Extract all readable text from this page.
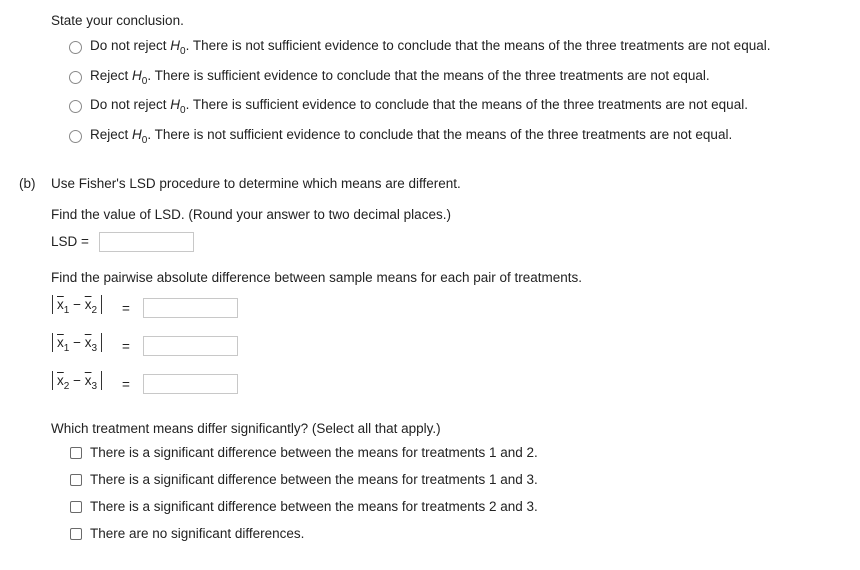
State your conclusion.
Do not reject $H_0$. There is not sufficient evidence to conclude that the means of the three treatments are not equal.
Reject $H_0$. There is sufficient evidence to conclude that the means of the three treatments are not equal.
Do not reject $H_0$. There is sufficient evidence to conclude that the means of the three treatments are not equal.
Reject $H_0$. There is not sufficient evidence to conclude that the means of the three treatments are not equal.
(b) Use Fisher's LSD procedure to determine which means are different.
Find the value of LSD. (Round your answer to two decimal places.)
LSD =
Find the pairwise absolute difference between sample means for each pair of treatments.
$\overline{x}_1 - \overline{x}_2$	=
$\overline{x}_1 - \overline{x}_3$	=
$\overline{x}_2 - \overline{x}_3$	=
Which treatment means differ significantly? (Select all that apply.)
There is a significant difference between the means for treatments 1 and 2.
There is a significant difference between the means for treatments 1 and 3.
There is a significant difference between the means for treatments 2 and 3.
There are no significant differences.
